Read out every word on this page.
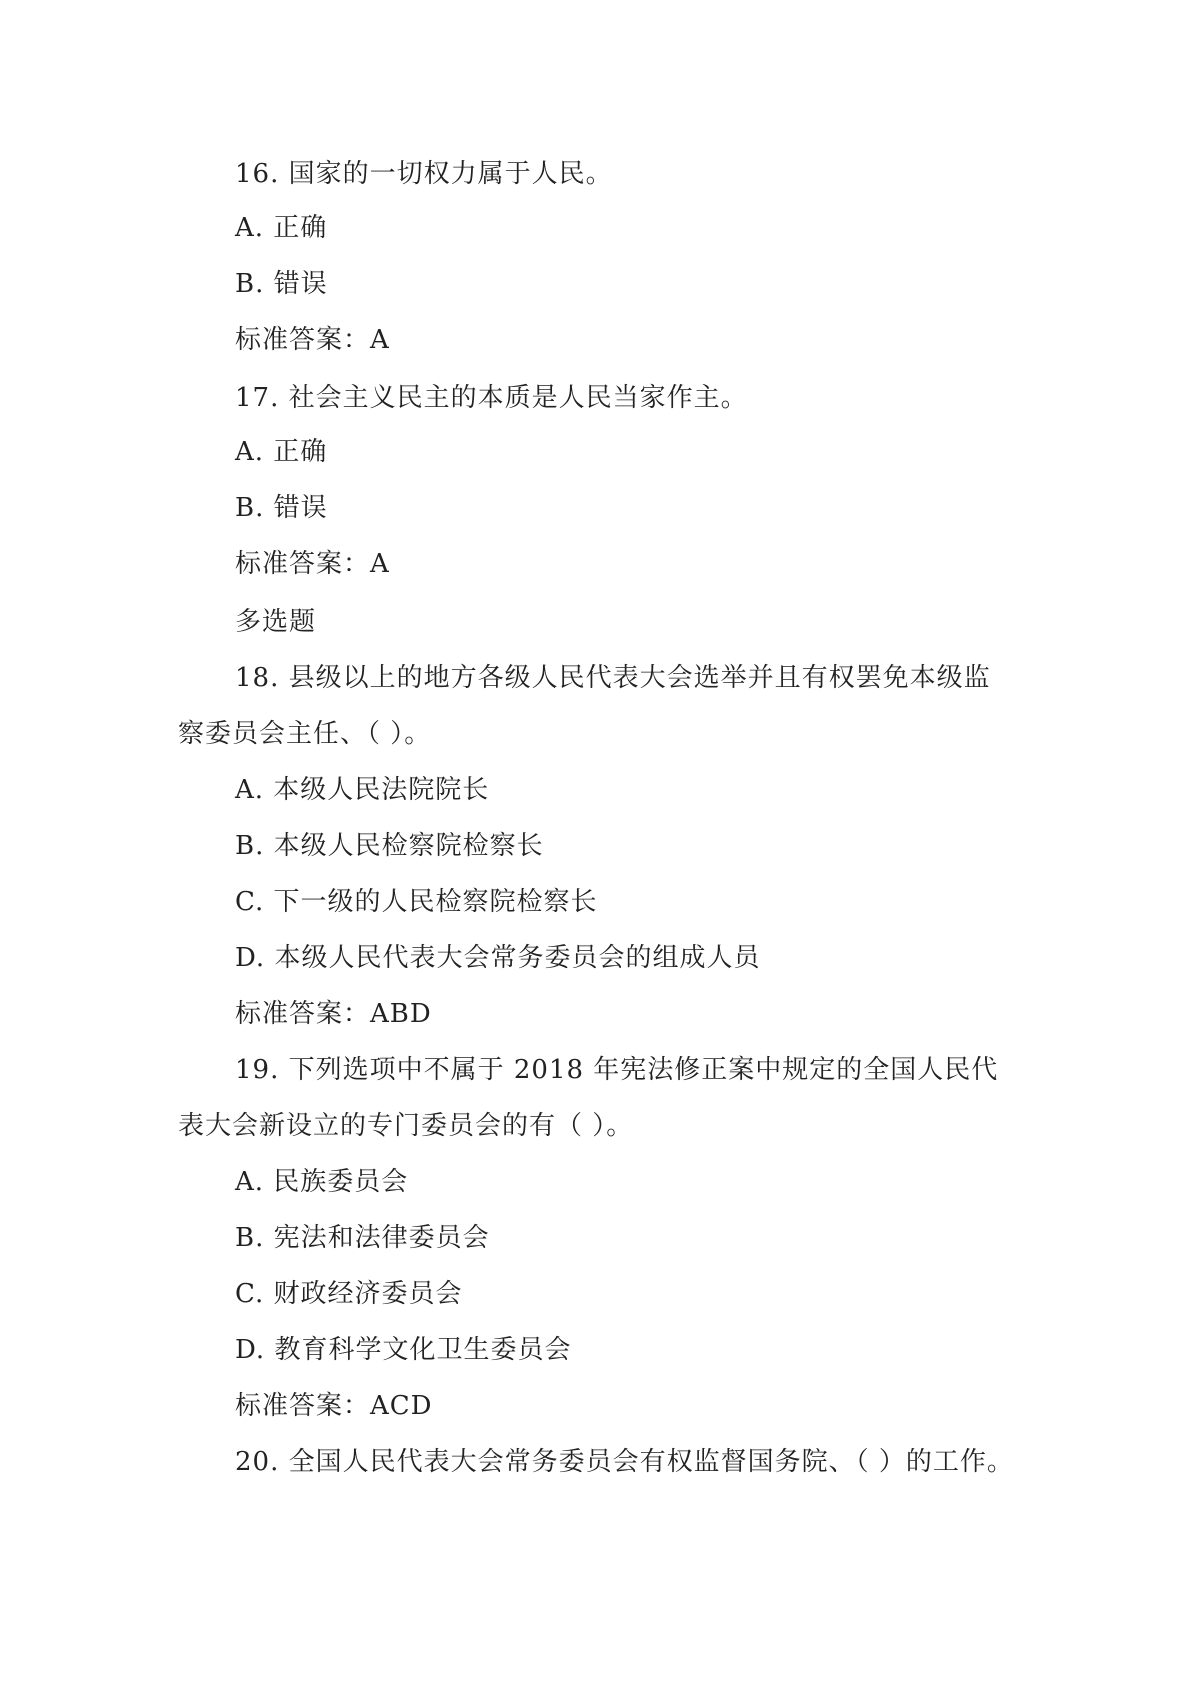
16. 国家的一切权力属于人民。
A. 正确
B. 错误
标准答案：A
17. 社会主义民主的本质是人民当家作主。
A. 正确
B. 错误
标准答案：A
多选题
18. 县级以上的地方各级人民代表大会选举并且有权罢免本级监
察委员会主任、（ ）。
A. 本级人民法院院长
B. 本级人民检察院检察长
C. 下一级的人民检察院检察长
D. 本级人民代表大会常务委员会的组成人员
标准答案：ABD
19. 下列选项中不属于 2018 年宪法修正案中规定的全国人民代
表大会新设立的专门委员会的有（ ）。
A. 民族委员会
B. 宪法和法律委员会
C. 财政经济委员会
D. 教育科学文化卫生委员会
标准答案：ACD
20. 全国人民代表大会常务委员会有权监督国务院、（ ）的工作。
